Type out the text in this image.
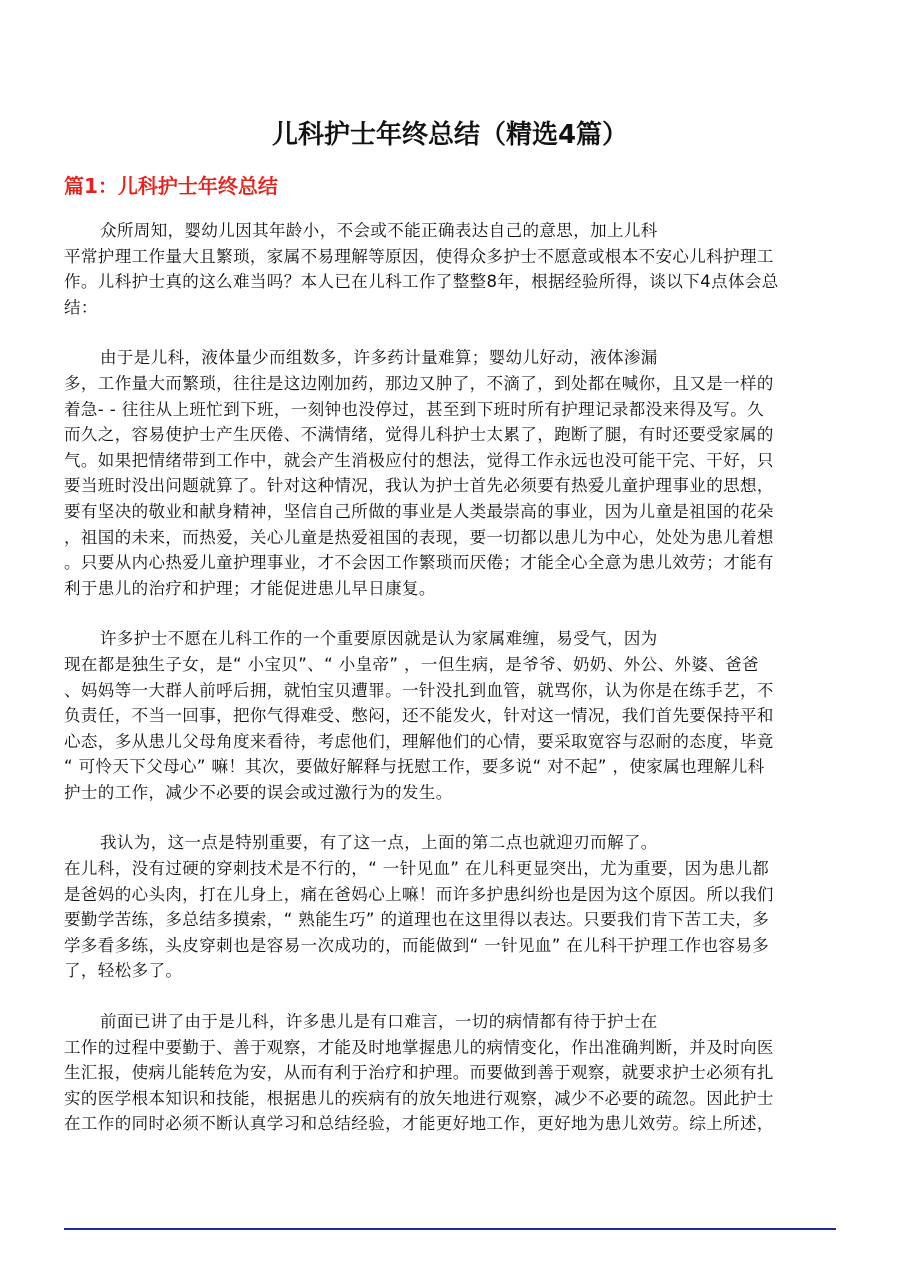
儿科护士年终总结（精选4篇）
篇1：儿科护士年终总结
众所周知，婴幼儿因其年龄小，不会或不能正确表达自己的意思，加上儿科
平常护理工作量大且繁琐，家属不易理解等原因，使得众多护士不愿意或根本不安心儿科护理工
作。儿科护士真的这么难当吗？本人已在儿科工作了整整8年，根据经验所得，谈以下4点体会总
结：
由于是儿科，液体量少而组数多，许多药计量难算；婴幼儿好动，液体渗漏
多，工作量大而繁琐，往往是这边刚加药，那边又肿了，不滴了，到处都在喊你，且又是一样的
着急- - 往往从上班忙到下班，一刻钟也没停过，甚至到下班时所有护理记录都没来得及写。久
而久之，容易使护士产生厌倦、不满情绪，觉得儿科护士太累了，跑断了腿，有时还要受家属的
气。如果把情绪带到工作中，就会产生消极应付的想法，觉得工作永远也没可能干完、干好，只
要当班时没出问题就算了。针对这种情况，我认为护士首先必须要有热爱儿童护理事业的思想，
要有坚决的敬业和献身精神，坚信自己所做的事业是人类最崇高的事业，因为儿童是祖国的花朵
，祖国的未来，而热爱，关心儿童是热爱祖国的表现，要一切都以患儿为中心，处处为患儿着想
。只要从内心热爱儿童护理事业，才不会因工作繁琐而厌倦；才能全心全意为患儿效劳；才能有
利于患儿的治疗和护理；才能促进患儿早日康复。
许多护士不愿在儿科工作的一个重要原因就是认为家属难缠，易受气，因为
现在都是独生子女，是“ 小宝贝”、“ 小皇帝” ，一但生病，是爷爷、奶奶、外公、外婆、爸爸
、妈妈等一大群人前呼后拥，就怕宝贝遭罪。一针没扎到血管，就骂你，认为你是在练手艺，不
负责任，不当一回事，把你气得难受、憋闷，还不能发火，针对这一情况，我们首先要保持平和
心态，多从患儿父母角度来看待，考虑他们，理解他们的心情，要采取宽容与忍耐的态度，毕竟
“ 可怜天下父母心” 嘛！其次，要做好解释与抚慰工作，要多说“ 对不起” ，使家属也理解儿科
护士的工作，减少不必要的误会或过激行为的发生。
我认为，这一点是特别重要，有了这一点，上面的第二点也就迎刃而解了。
在儿科，没有过硬的穿刺技术是不行的，“ 一针见血” 在儿科更显突出，尤为重要，因为患儿都
是爸妈的心头肉，打在儿身上，痛在爸妈心上嘛！而许多护患纠纷也是因为这个原因。所以我们
要勤学苦练，多总结多摸索，“ 熟能生巧” 的道理也在这里得以表达。只要我们肯下苦工夫，多
学多看多练，头皮穿刺也是容易一次成功的，而能做到“ 一针见血” 在儿科干护理工作也容易多
了，轻松多了。
前面已讲了由于是儿科，许多患儿是有口难言，一切的病情都有待于护士在
工作的过程中要勤于、善于观察，才能及时地掌握患儿的病情变化，作出准确判断，并及时向医
生汇报，使病儿能转危为安，从而有利于治疗和护理。而要做到善于观察，就要求护士必须有扎
实的医学根本知识和技能，根据患儿的疾病有的放矢地进行观察，减少不必要的疏忽。因此护士
在工作的同时必须不断认真学习和总结经验，才能更好地工作，更好地为患儿效劳。综上所述，
